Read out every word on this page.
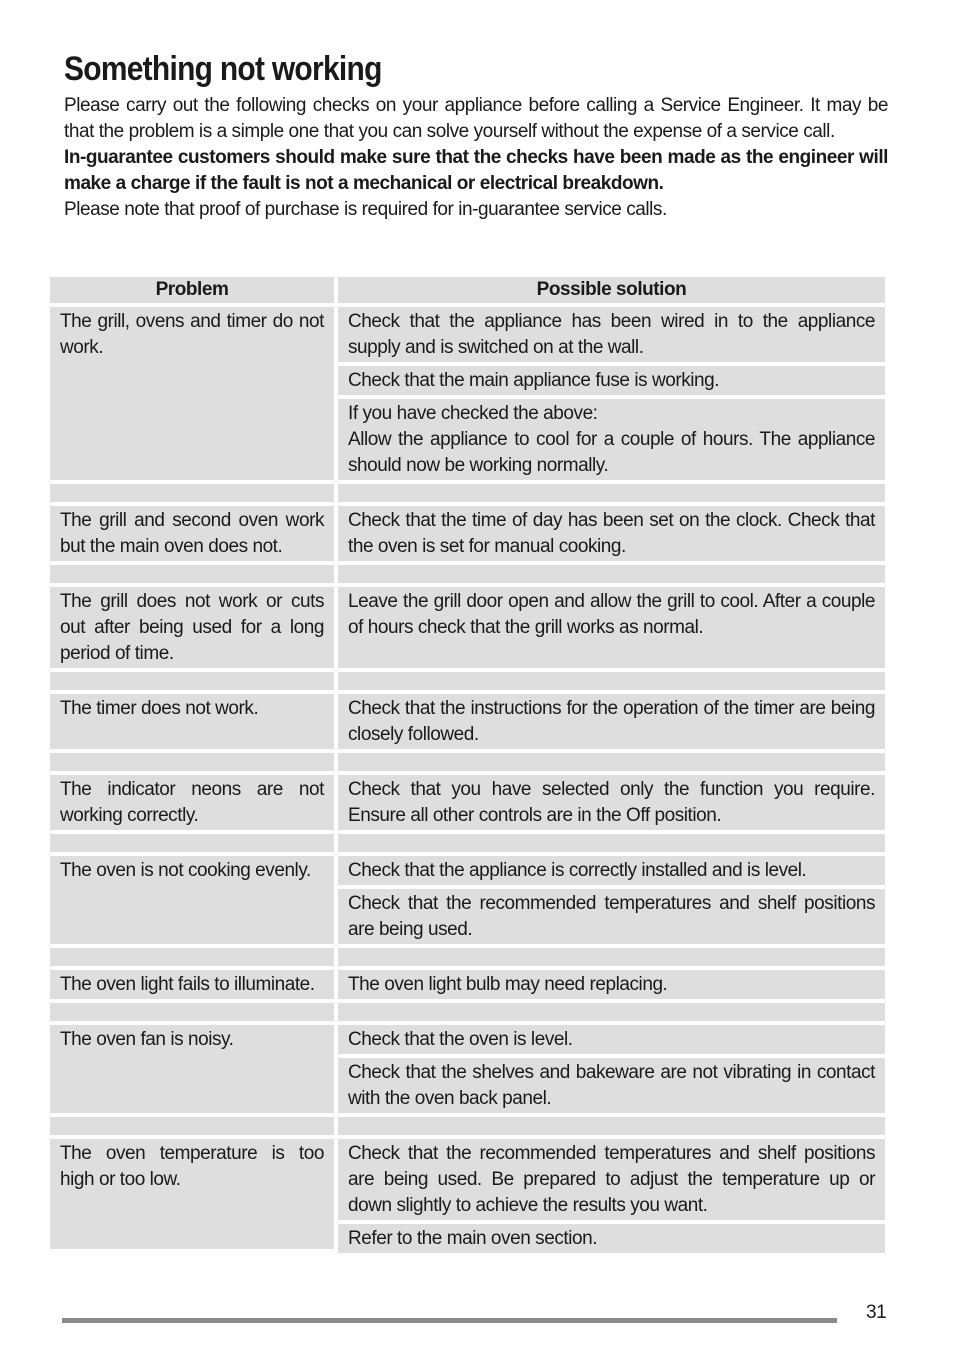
Something not working

Please carry out the following checks on your appliance before calling a Service Engineer. It may be that the problem is a simple one that you can solve yourself without the expense of a service call.

In-guarantee customers should make sure that the checks have been made as the engineer will make a charge if the fault is not a mechanical or electrical breakdown.

Please note that proof of purchase is required for in-guarantee service calls.

Problem	Possible solution
The grill, ovens and timer do not work.	Check that the appliance has been wired in to the appliance supply and is switched on at the wall.
	Check that the main appliance fuse is working.

	If you have checked the above:
Allow the appliance to cool for a couple of hours. The appliance should now be working normally.

The grill and second oven work but the main oven does not.	Check that the time of day has been set on the clock. Check that the oven is set for manual cooking.

The grill does not work or cuts out after being used for a long period of time.	Leave the grill door open and allow the grill to cool. After a couple of hours check that the grill works as normal.

The timer does not work.	Check that the instructions for the operation of the timer are being closely followed.

The indicator neons are not working correctly.	Check that you have selected only the function you require. Ensure all other controls are in the Off position.

The oven is not cooking evenly.	Check that the appliance is correctly installed and is level.
	Check that the recommended temperatures and shelf positions are being used.

The oven light fails to illuminate.	The oven light bulb may need replacing.

The oven fan is noisy.	Check that the oven is level.
	Check that the shelves and bakeware are not vibrating in contact with the oven back panel.

The oven temperature is too high or too low.	Check that the recommended temperatures and shelf positions are being used. Be prepared to adjust the temperature up or down slightly to achieve the results you want.
	Refer to the main oven section.
31
